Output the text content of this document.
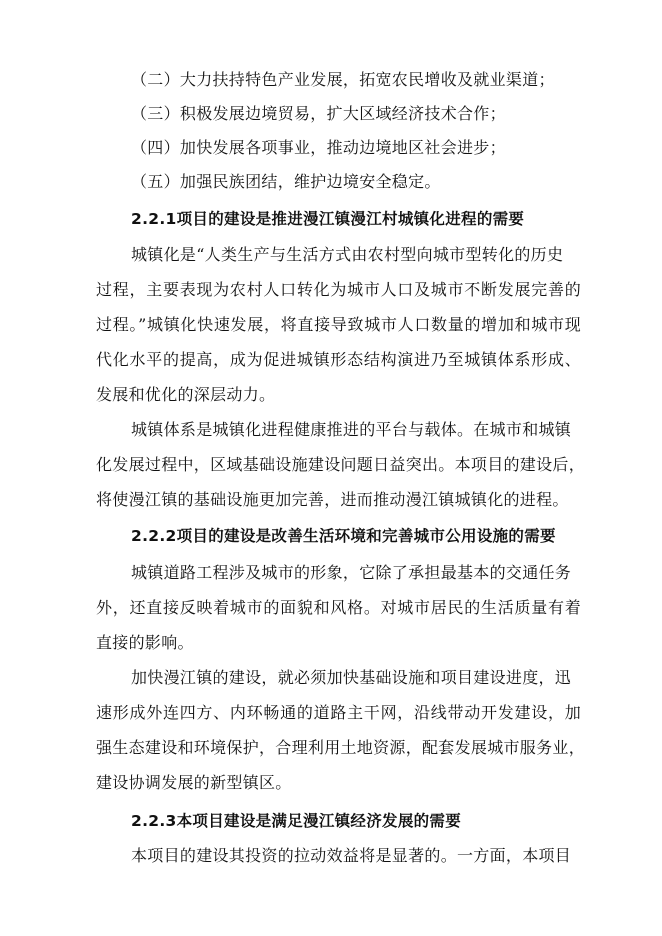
（二）大力扶持特色产业发展，拓宽农民增收及就业渠道；
（三）积极发展边境贸易，扩大区域经济技术合作；
（四）加快发展各项事业，推动边境地区社会进步；
（五）加强民族团结，维护边境安全稳定。
2.2.1项目的建设是推进漫江镇漫江村城镇化进程的需要
城镇化是“人类生产与生活方式由农村型向城市型转化的历史
过程，主要表现为农村人口转化为城市人口及城市不断发展完善的
过程。”城镇化快速发展，将直接导致城市人口数量的增加和城市现
代化水平的提高，成为促进城镇形态结构演进乃至城镇体系形成、
发展和优化的深层动力。
城镇体系是城镇化进程健康推进的平台与载体。在城市和城镇
化发展过程中，区域基础设施建设问题日益突出。本项目的建设后，
将使漫江镇的基础设施更加完善，进而推动漫江镇城镇化的进程。
2.2.2项目的建设是改善生活环境和完善城市公用设施的需要
城镇道路工程涉及城市的形象，它除了承担最基本的交通任务
外，还直接反映着城市的面貌和风格。对城市居民的生活质量有着
直接的影响。
加快漫江镇的建设，就必须加快基础设施和项目建设进度，迅
速形成外连四方、内环畅通的道路主干网，沿线带动开发建设，加
强生态建设和环境保护，合理利用土地资源，配套发展城市服务业，
建设协调发展的新型镇区。
2.2.3本项目建设是满足漫江镇经济发展的需要
本项目的建设其投资的拉动效益将是显著的。一方面，本项目
